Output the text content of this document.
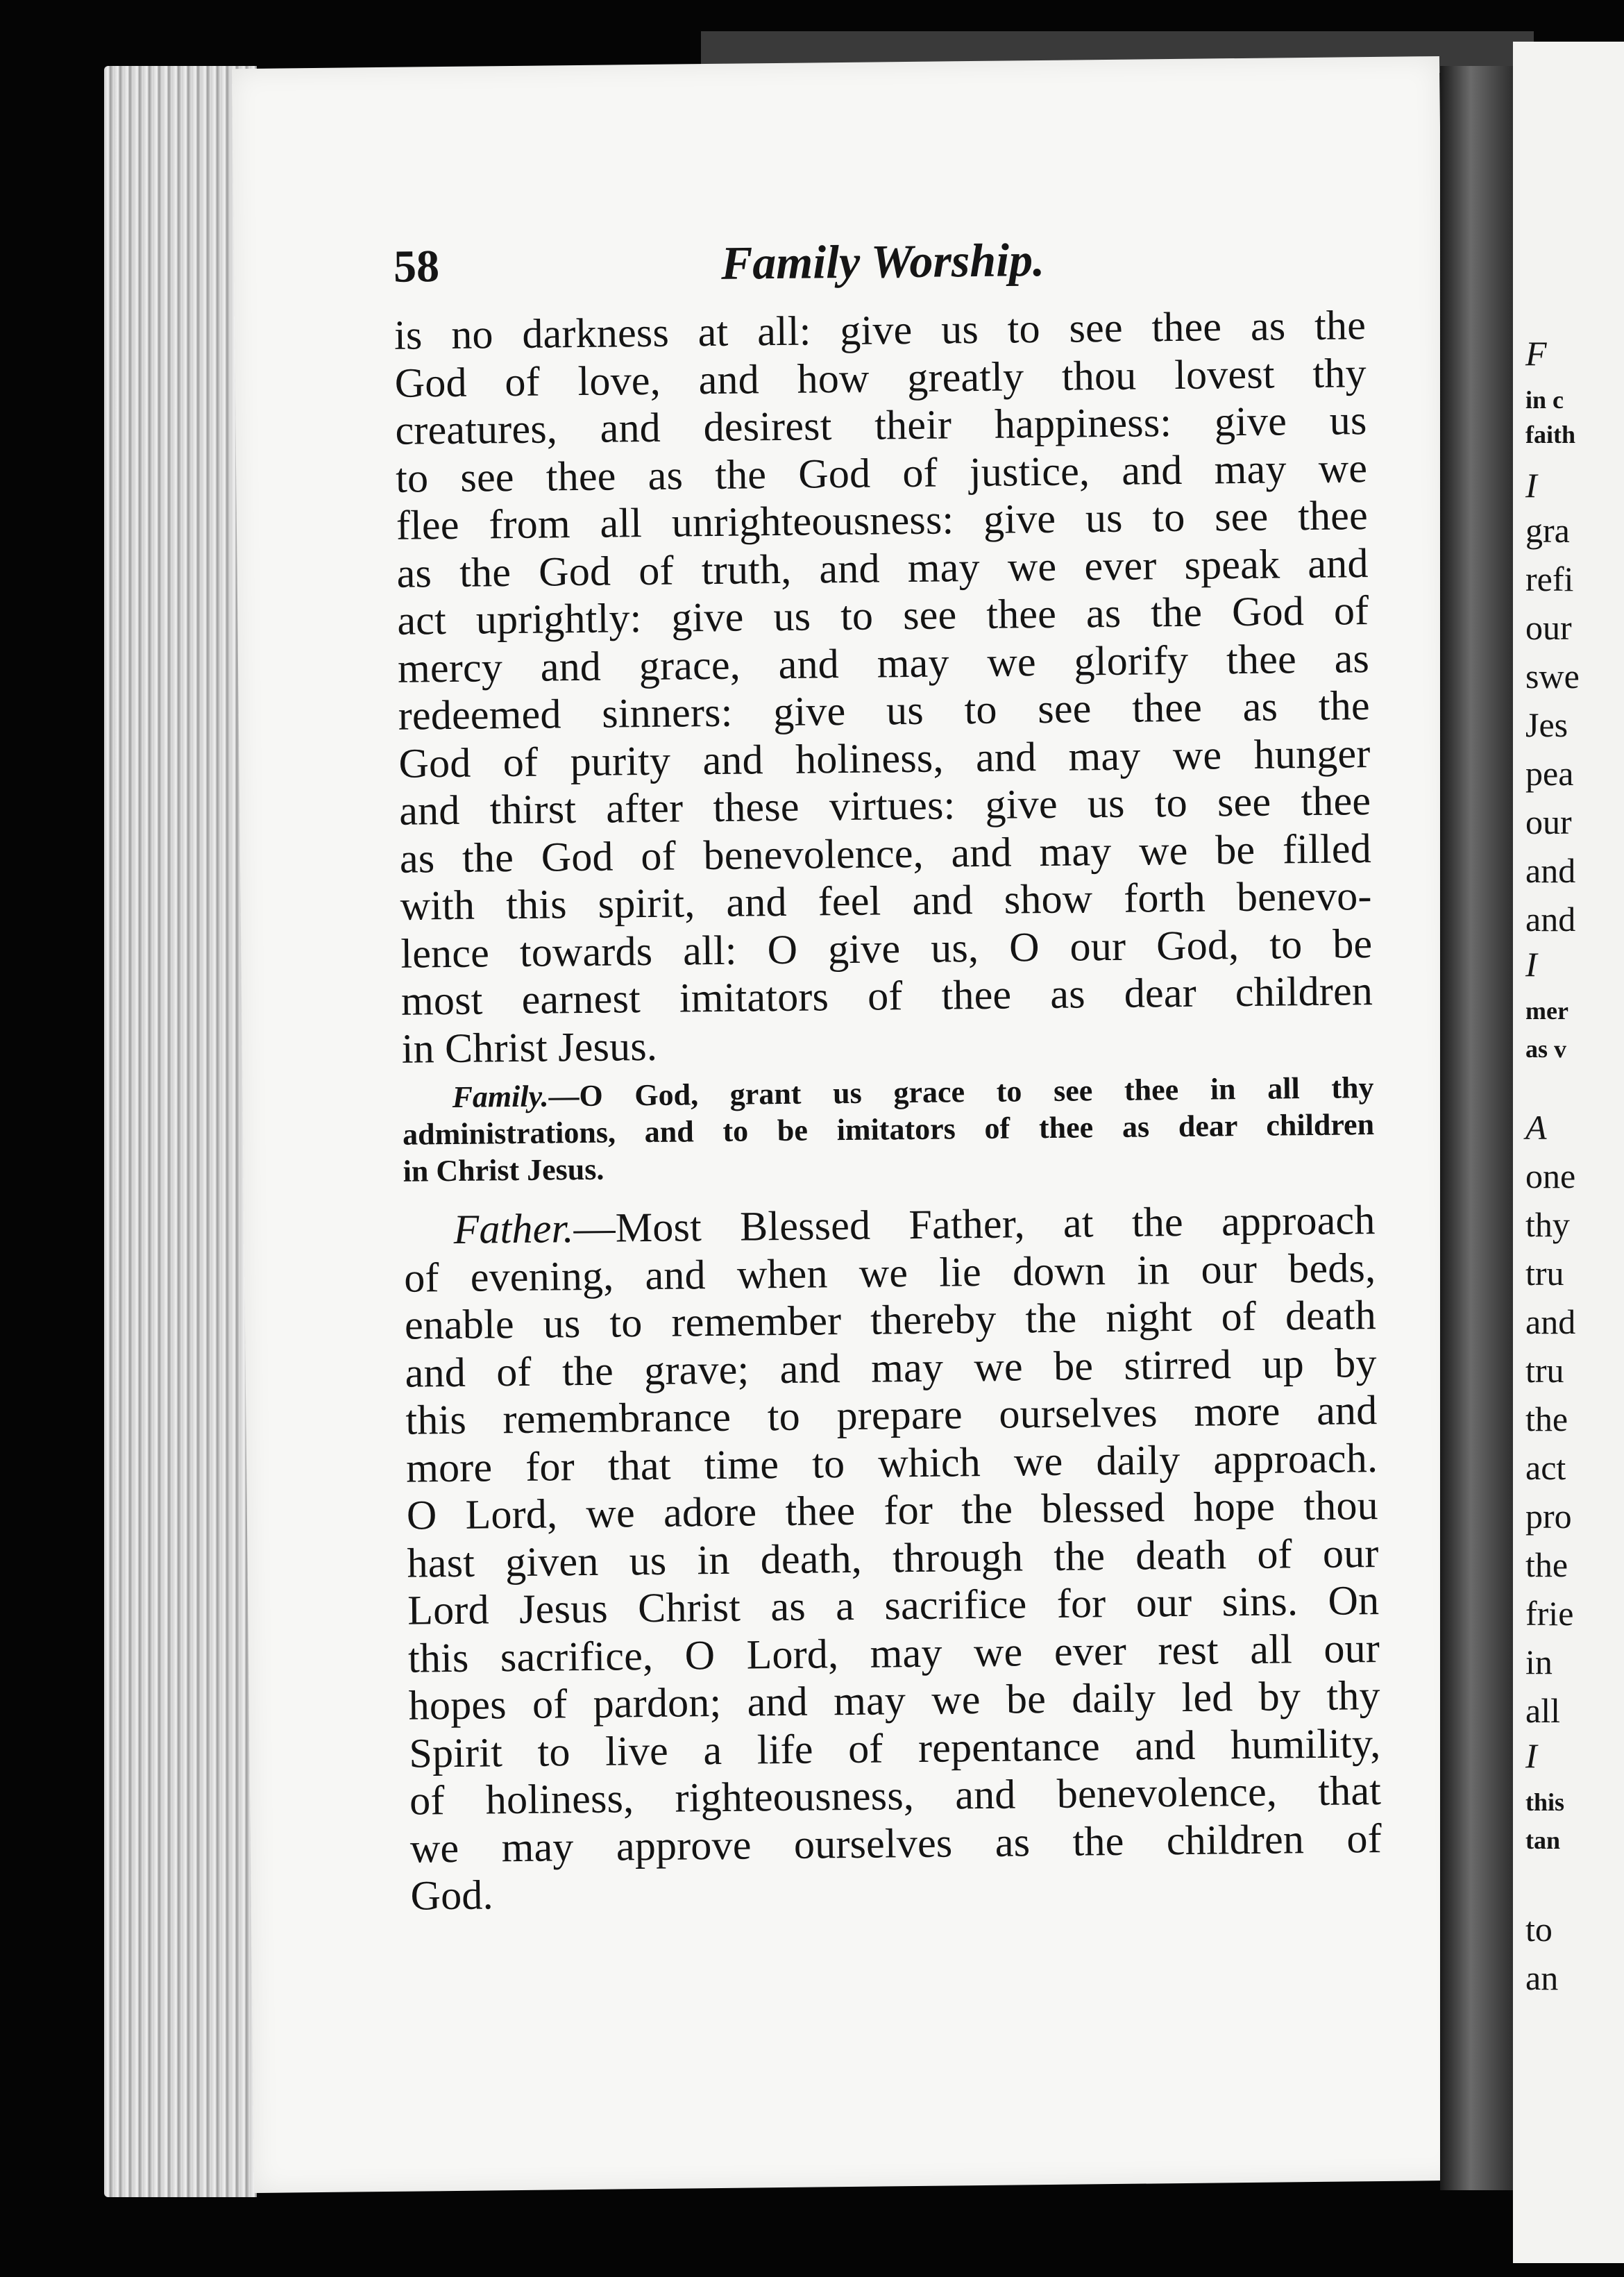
58	Family Worship.
is no darkness at all: give us to see thee as the
God of love, and how greatly thou lovest thy
creatures, and desirest their happiness: give us
to see thee as the God of justice, and may we
flee from all unrighteousness: give us to see thee
as the God of truth, and may we ever speak and
act uprightly: give us to see thee as the God of
mercy and grace, and may we glorify thee as
redeemed sinners: give us to see thee as the
God of purity and holiness, and may we hunger
and thirst after these virtues: give us to see thee
as the God of benevolence, and may we be filled
with this spirit, and feel and show forth benevo-
lence towards all: O give us, O our God, to be
most earnest imitators of thee as dear children
in Christ Jesus.
Family.—O God, grant us grace to see thee in all thy
administrations, and to be imitators of thee as dear children
in Christ Jesus.
Father.—Most Blessed Father, at the approach
of evening, and when we lie down in our beds,
enable us to remember thereby the night of death
and of the grave; and may we be stirred up by
this remembrance to prepare ourselves more and
more for that time to which we daily approach.
O Lord, we adore thee for the blessed hope thou
hast given us in death, through the death of our
Lord Jesus Christ as a sacrifice for our sins. On
this sacrifice, O Lord, may we ever rest all our
hopes of pardon; and may we be daily led by thy
Spirit to live a life of repentance and humility,
of holiness, righteousness, and benevolence, that
we may approve ourselves as the children of
God.
F
in c
faith
I
gra
refi
our
swe
Jes
pea
our
and
and
I
mer
as v
A
one
thy
tru
and
tru
the
act
pro
the
frie
in
all
I
this
tan
to
an
